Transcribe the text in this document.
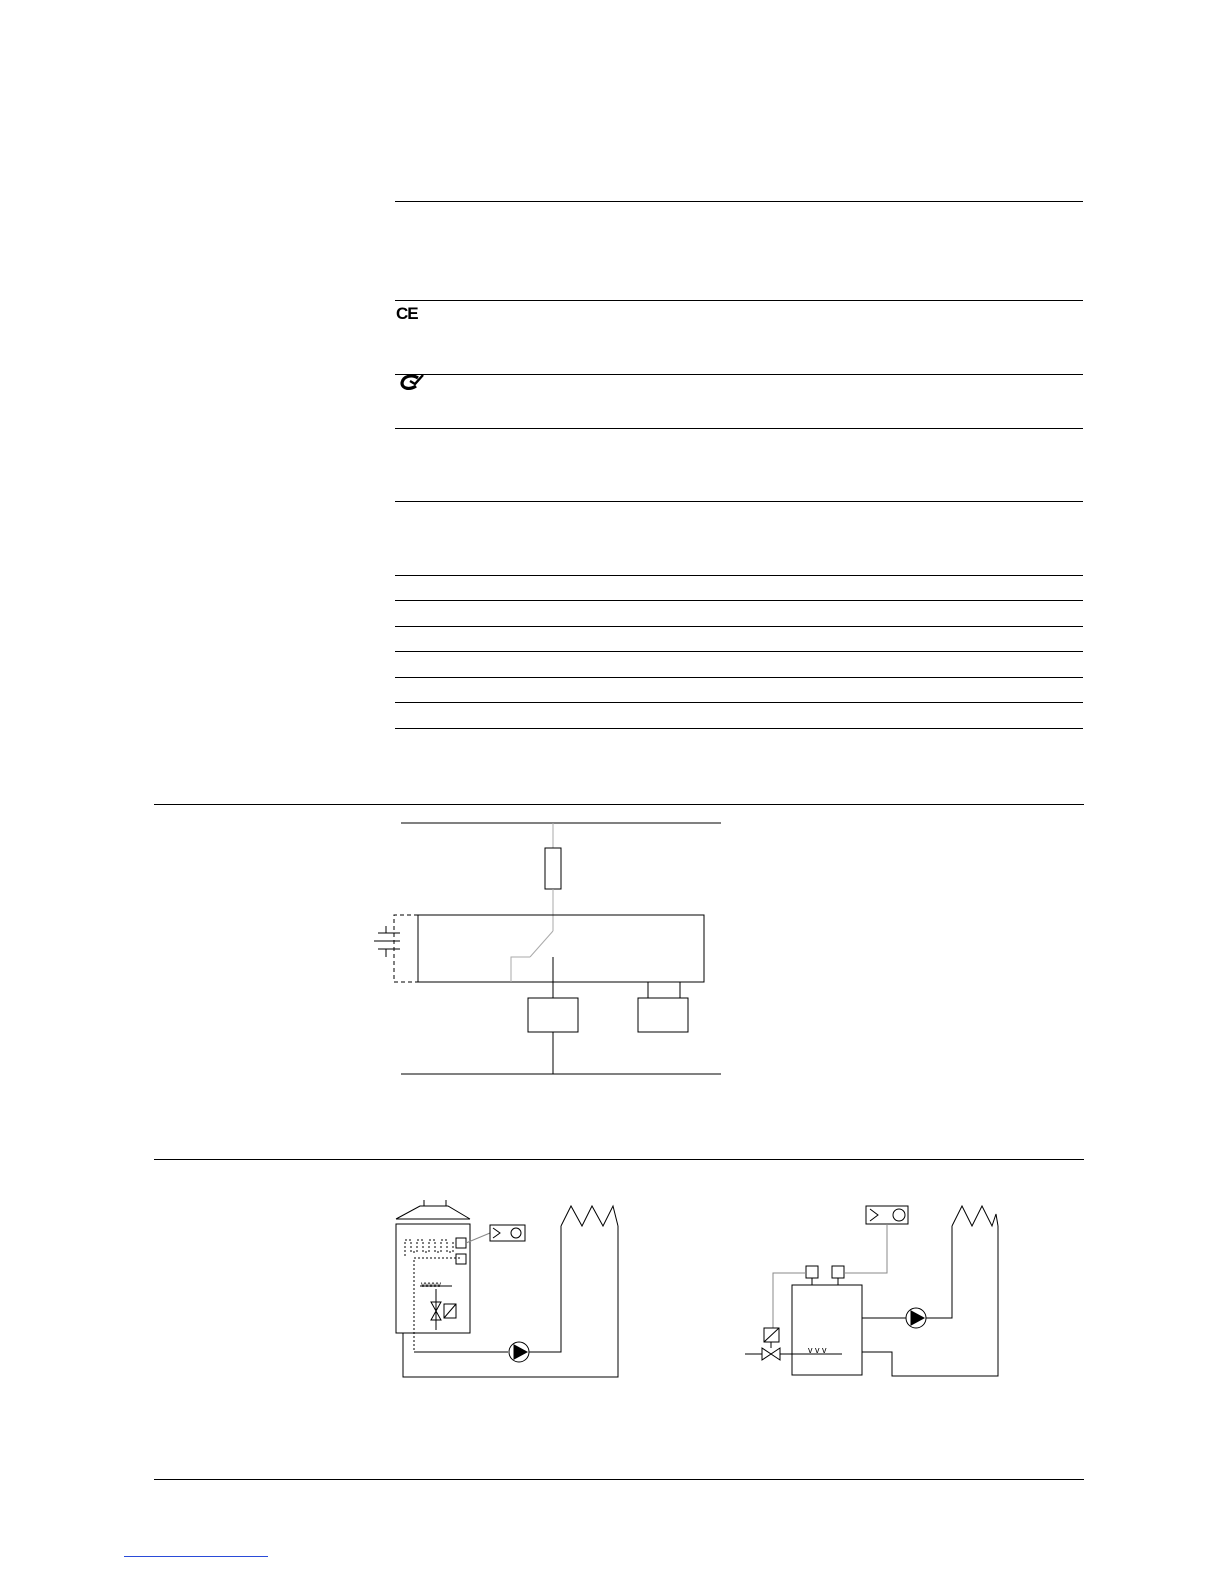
CE
vvvvv
v v v
